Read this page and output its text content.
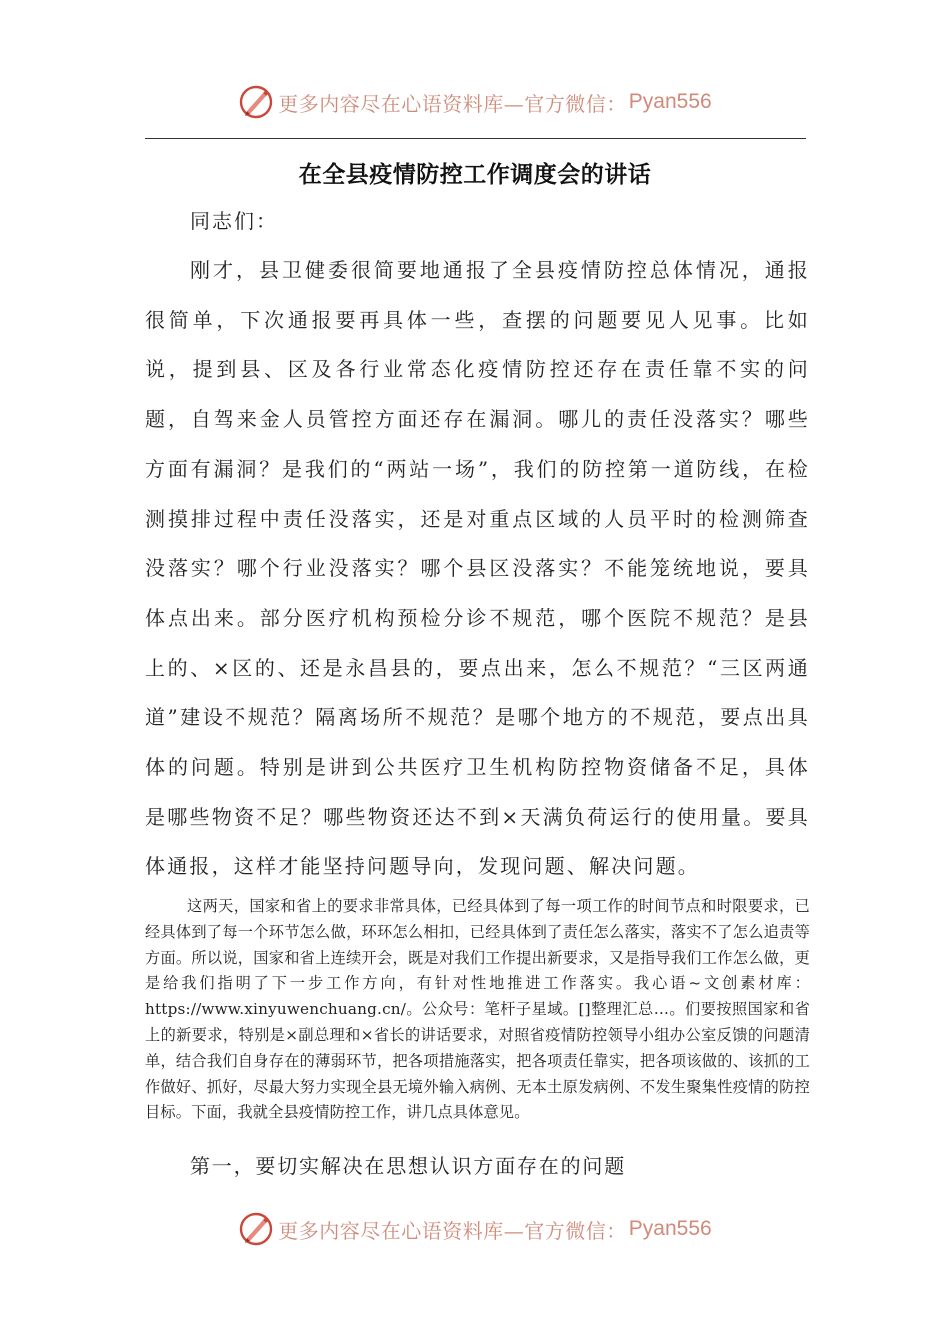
更多内容尽在心语资料库—官方微信： Pyan556
在全县疫情防控工作调度会的讲话
同志们：

刚才，县卫健委很简要地通报了全县疫情防控总体情况，通报很简单，下次通报要再具体一些，查摆的问题要见人见事。比如说，提到县、区及各行业常态化疫情防控还存在责任靠不实的问题，自驾来金人员管控方面还存在漏洞。哪儿的责任没落实？哪些方面有漏洞？是我们的“两站一场”，我们的防控第一道防线，在检测摸排过程中责任没落实，还是对重点区域的人员平时的检测筛查没落实？哪个行业没落实？哪个县区没落实？不能笼统地说，要具体点出来。部分医疗机构预检分诊不规范，哪个医院不规范？是县上的、×区的、还是永昌县的，要点出来，怎么不规范？“三区两通道”建设不规范？隔离场所不规范？是哪个地方的不规范，要点出具体的问题。特别是讲到公共医疗卫生机构防控物资储备不足，具体是哪些物资不足？哪些物资还达不到×天满负荷运行的使用量。要具体通报，这样才能坚持问题导向，发现问题、解决问题。

这两天，国家和省上的要求非常具体，已经具体到了每一项工作的时间节点和时限要求，已经具体到了每一个环节怎么做，环环怎么相扣，已经具体到了责任怎么落实，落实不了怎么追责等方面。所以说，国家和省上连续开会，既是对我们工作提出新要求，又是指导我们工作怎么做，更是给我们指明了下一步工作方向，有针对性地推进工作落实。我心语~文创素材库：https://www.xinyuwenchuang.cn/。公众号：笔杆子星域。[]整理汇总…。们要按照国家和省上的新要求，特别是×副总理和×省长的讲话要求，对照省疫情防控领导小组办公室反馈的问题清单，结合我们自身存在的薄弱环节，把各项措施落实，把各项责任靠实，把各项该做的、该抓的工作做好、抓好，尽最大努力实现全县无境外输入病例、无本土原发病例、不发生聚集性疫情的防控目标。下面，我就全县疫情防控工作，讲几点具体意见。

第一，要切实解决在思想认识方面存在的问题
更多内容尽在心语资料库—官方微信： Pyan556
